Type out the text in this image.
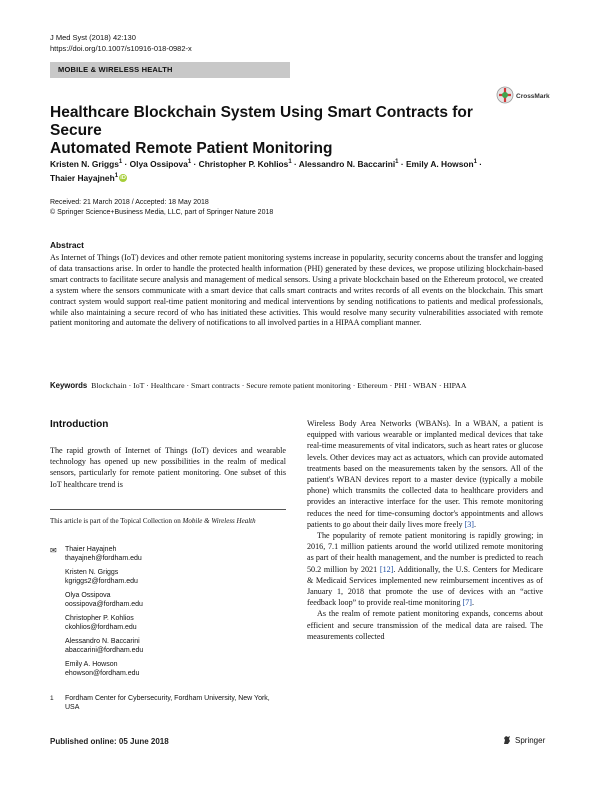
J Med Syst (2018) 42:130
https://doi.org/10.1007/s10916-018-0982-x
MOBILE & WIRELESS HEALTH
CrossMark
Healthcare Blockchain System Using Smart Contracts for Secure
Automated Remote Patient Monitoring
Kristen N. Griggs$^1$ · Olya Ossipova$^1$ · Christopher P. Kohlios$^1$ · Alessandro N. Baccarini$^1$ · Emily A. Howson$^1$ ·
Thaier Hayajneh$^1$ iD
Received: 21 March 2018 / Accepted: 18 May 2018
© Springer Science+Business Media, LLC, part of Springer Nature 2018
Abstract
As Internet of Things (IoT) devices and other remote patient monitoring systems increase in popularity, security concerns about the transfer and logging of data transactions arise. In order to handle the protected health information (PHI) generated by these devices, we propose utilizing blockchain-based smart contracts to facilitate secure analysis and management of medical sensors. Using a private blockchain based on the Ethereum protocol, we created a system where the sensors communicate with a smart device that calls smart contracts and writes records of all events on the blockchain. This smart contract system would support real-time patient monitoring and medical interventions by sending notifications to patients and medical professionals, while also maintaining a secure record of who has initiated these activities. This would resolve many security vulnerabilities associated with remote patient monitoring and automate the delivery of notifications to all involved parties in a HIPAA compliant manner.
Keywords Blockchain · IoT · Healthcare · Smart contracts · Secure remote patient monitoring · Ethereum · PHI · WBAN · HIPAA
Introduction

The rapid growth of Internet of Things (IoT) devices and wearable technology has opened up new possibilities in the realm of medical sensors, particularly for remote patient monitoring. One subset of this IoT healthcare trend is

This article is part of the Topical Collection on Mobile & Wireless Health
✉ Thaier Hayajneh
thayajneh@fordham.edu
Kristen N. Griggs
kgriggs2@fordham.edu
Olya Ossipova
oossipova@fordham.edu
Christopher P. Kohlios
ckohlios@fordham.edu
Alessandro N. Baccarini
abaccarini@fordham.edu
Emily A. Howson
ehowson@fordham.edu
1 Fordham Center for Cybersecurity, Fordham University, New York, USA

Wireless Body Area Networks (WBANs). In a WBAN, a patient is equipped with various wearable or implanted medical devices that take real-time measurements of vital indicators, such as heart rates or glucose levels. Other devices may act as actuators, which can provide automated treatments based on the measurements taken by the sensors. All of the patient's WBAN devices report to a master device (typically a mobile phone) which transmits the collected data to healthcare providers and provides an interactive interface for the user. This remote monitoring reduces the need for time-consuming doctor's appointments and allows patients to go about their daily lives more freely [3].

The popularity of remote patient monitoring is rapidly growing; in 2016, 7.1 million patients around the world utilized remote monitoring as part of their health management, and the number is predicted to reach 50.2 million by 2021 [12]. Additionally, the U.S. Centers for Medicare & Medicaid Services implemented new reimbursement incentives as of January 1, 2018 that promote the use of devices with an “active feedback loop” to provide real-time monitoring [7].

As the realm of remote patient monitoring expands, concerns about efficient and secure transmission of the medical data are raised. The measurements collected

Published online: 05 June 2018	Springer
